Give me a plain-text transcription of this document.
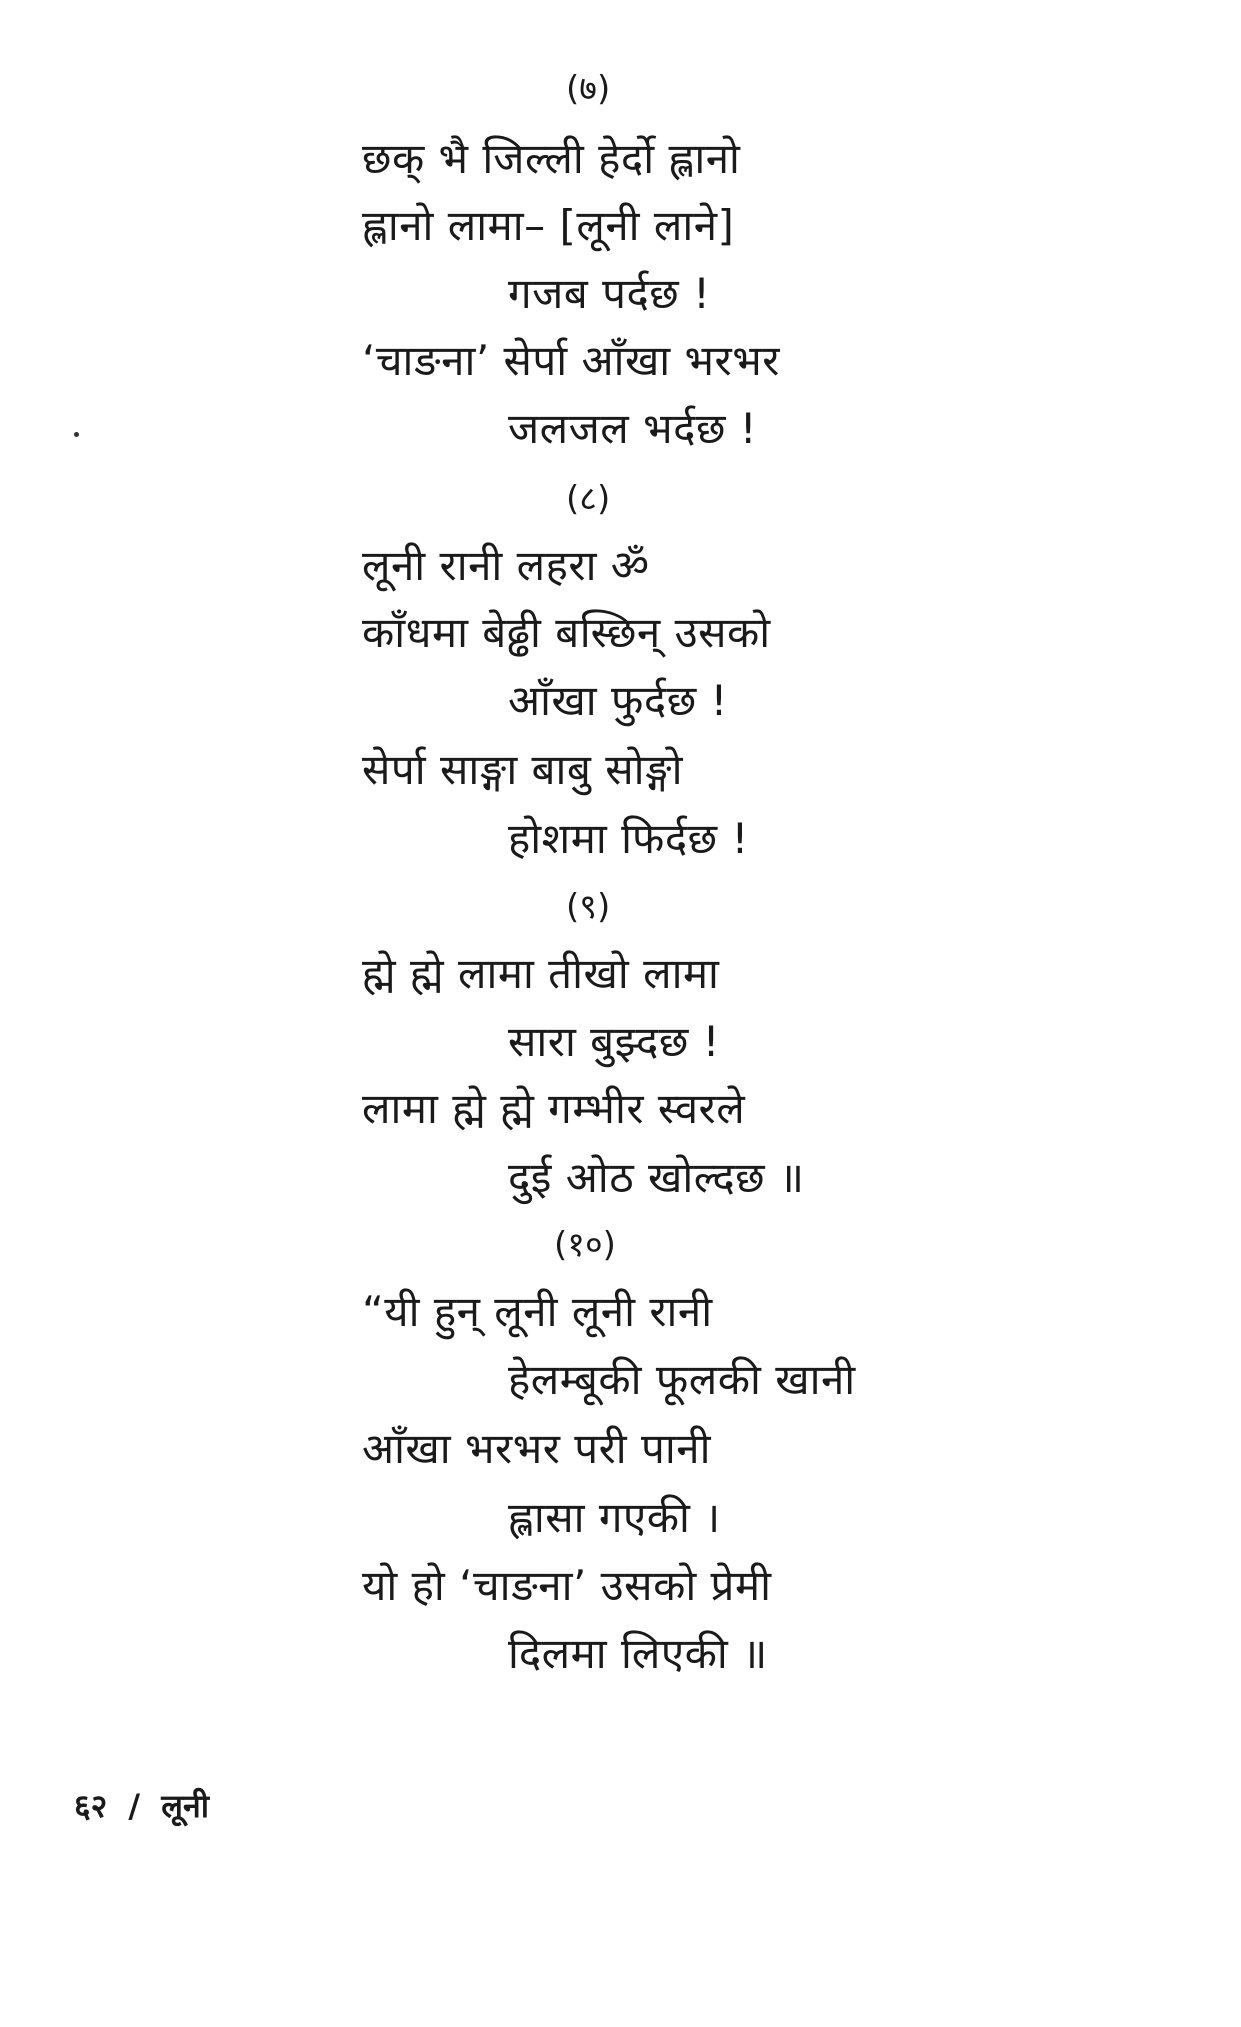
(७)
छक् भै जिल्ली हेर्दो ह्लानो
ह्लानो लामा– [लूनी लाने]
गजब पर्दछ !
‘चाङना’ सेर्पा आँखा भरभर
जलजल भर्दछ !
(८)
लूनी रानी लहरा ॐ
काँधमा बेढ्ढी बस्छिन् उसको
आँखा फुर्दछ !
सेर्पा साङ्गा बाबु सोङ्गो
होशमा फिर्दछ !
(९)
ह्मे ह्मे लामा तीखो लामा
सारा बुझ्दछ !
लामा ह्मे ह्मे गम्भीर स्वरले
दुई ओठ खोल्दछ ॥
(१०)
“यी हुन् लूनी लूनी रानी
हेलम्बूकी फूलकी खानी
आँखा भरभर परी पानी
ह्लासा गएकी ।
यो हो ‘चाङना’ उसको प्रेमी
दिलमा लिएकी ॥
६२ / लूनी
